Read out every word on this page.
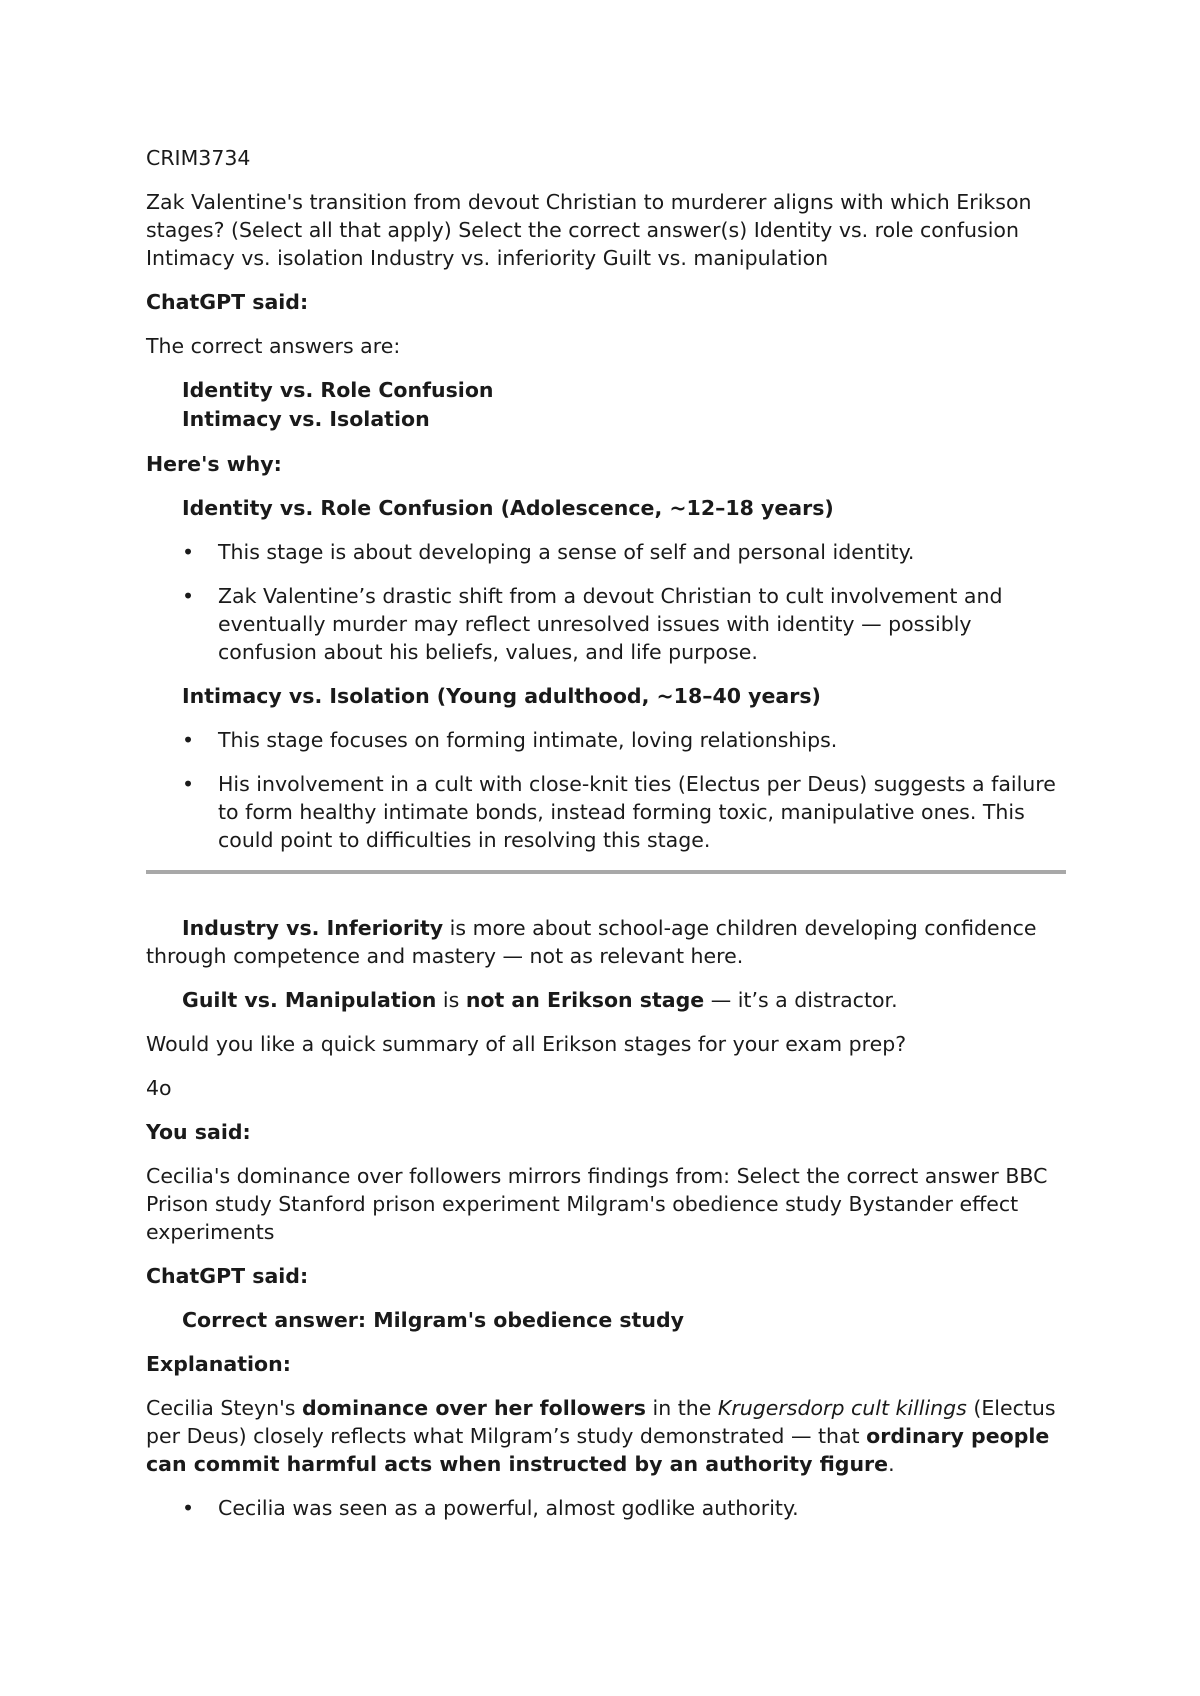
CRIM3734

Zak Valentine's transition from devout Christian to murderer aligns with which Erikson stages? (Select all that apply) Select the correct answer(s) Identity vs. role confusion Intimacy vs. isolation Industry vs. inferiority Guilt vs. manipulation

ChatGPT said:

The correct answers are:

Identity vs. Role Confusion
Intimacy vs. Isolation

Here's why:

Identity vs. Role Confusion (Adolescence, ~12–18 years)

• This stage is about developing a sense of self and personal identity.
• Zak Valentine’s drastic shift from a devout Christian to cult involvement and eventually murder may reflect unresolved issues with identity — possibly confusion about his beliefs, values, and life purpose.

Intimacy vs. Isolation (Young adulthood, ~18–40 years)

• This stage focuses on forming intimate, loving relationships.
• His involvement in a cult with close-knit ties (Electus per Deus) suggests a failure to form healthy intimate bonds, instead forming toxic, manipulative ones. This could point to difficulties in resolving this stage.

Industry vs. Inferiority is more about school-age children developing confidence through competence and mastery — not as relevant here.

Guilt vs. Manipulation is not an Erikson stage — it’s a distractor.

Would you like a quick summary of all Erikson stages for your exam prep?

4o

You said:

Cecilia's dominance over followers mirrors findings from: Select the correct answer BBC Prison study Stanford prison experiment Milgram's obedience study Bystander effect experiments

ChatGPT said:

Correct answer: Milgram's obedience study

Explanation:

Cecilia Steyn's dominance over her followers in the Krugersdorp cult killings (Electus per Deus) closely reflects what Milgram’s study demonstrated — that ordinary people can commit harmful acts when instructed by an authority figure.

• Cecilia was seen as a powerful, almost godlike authority.
